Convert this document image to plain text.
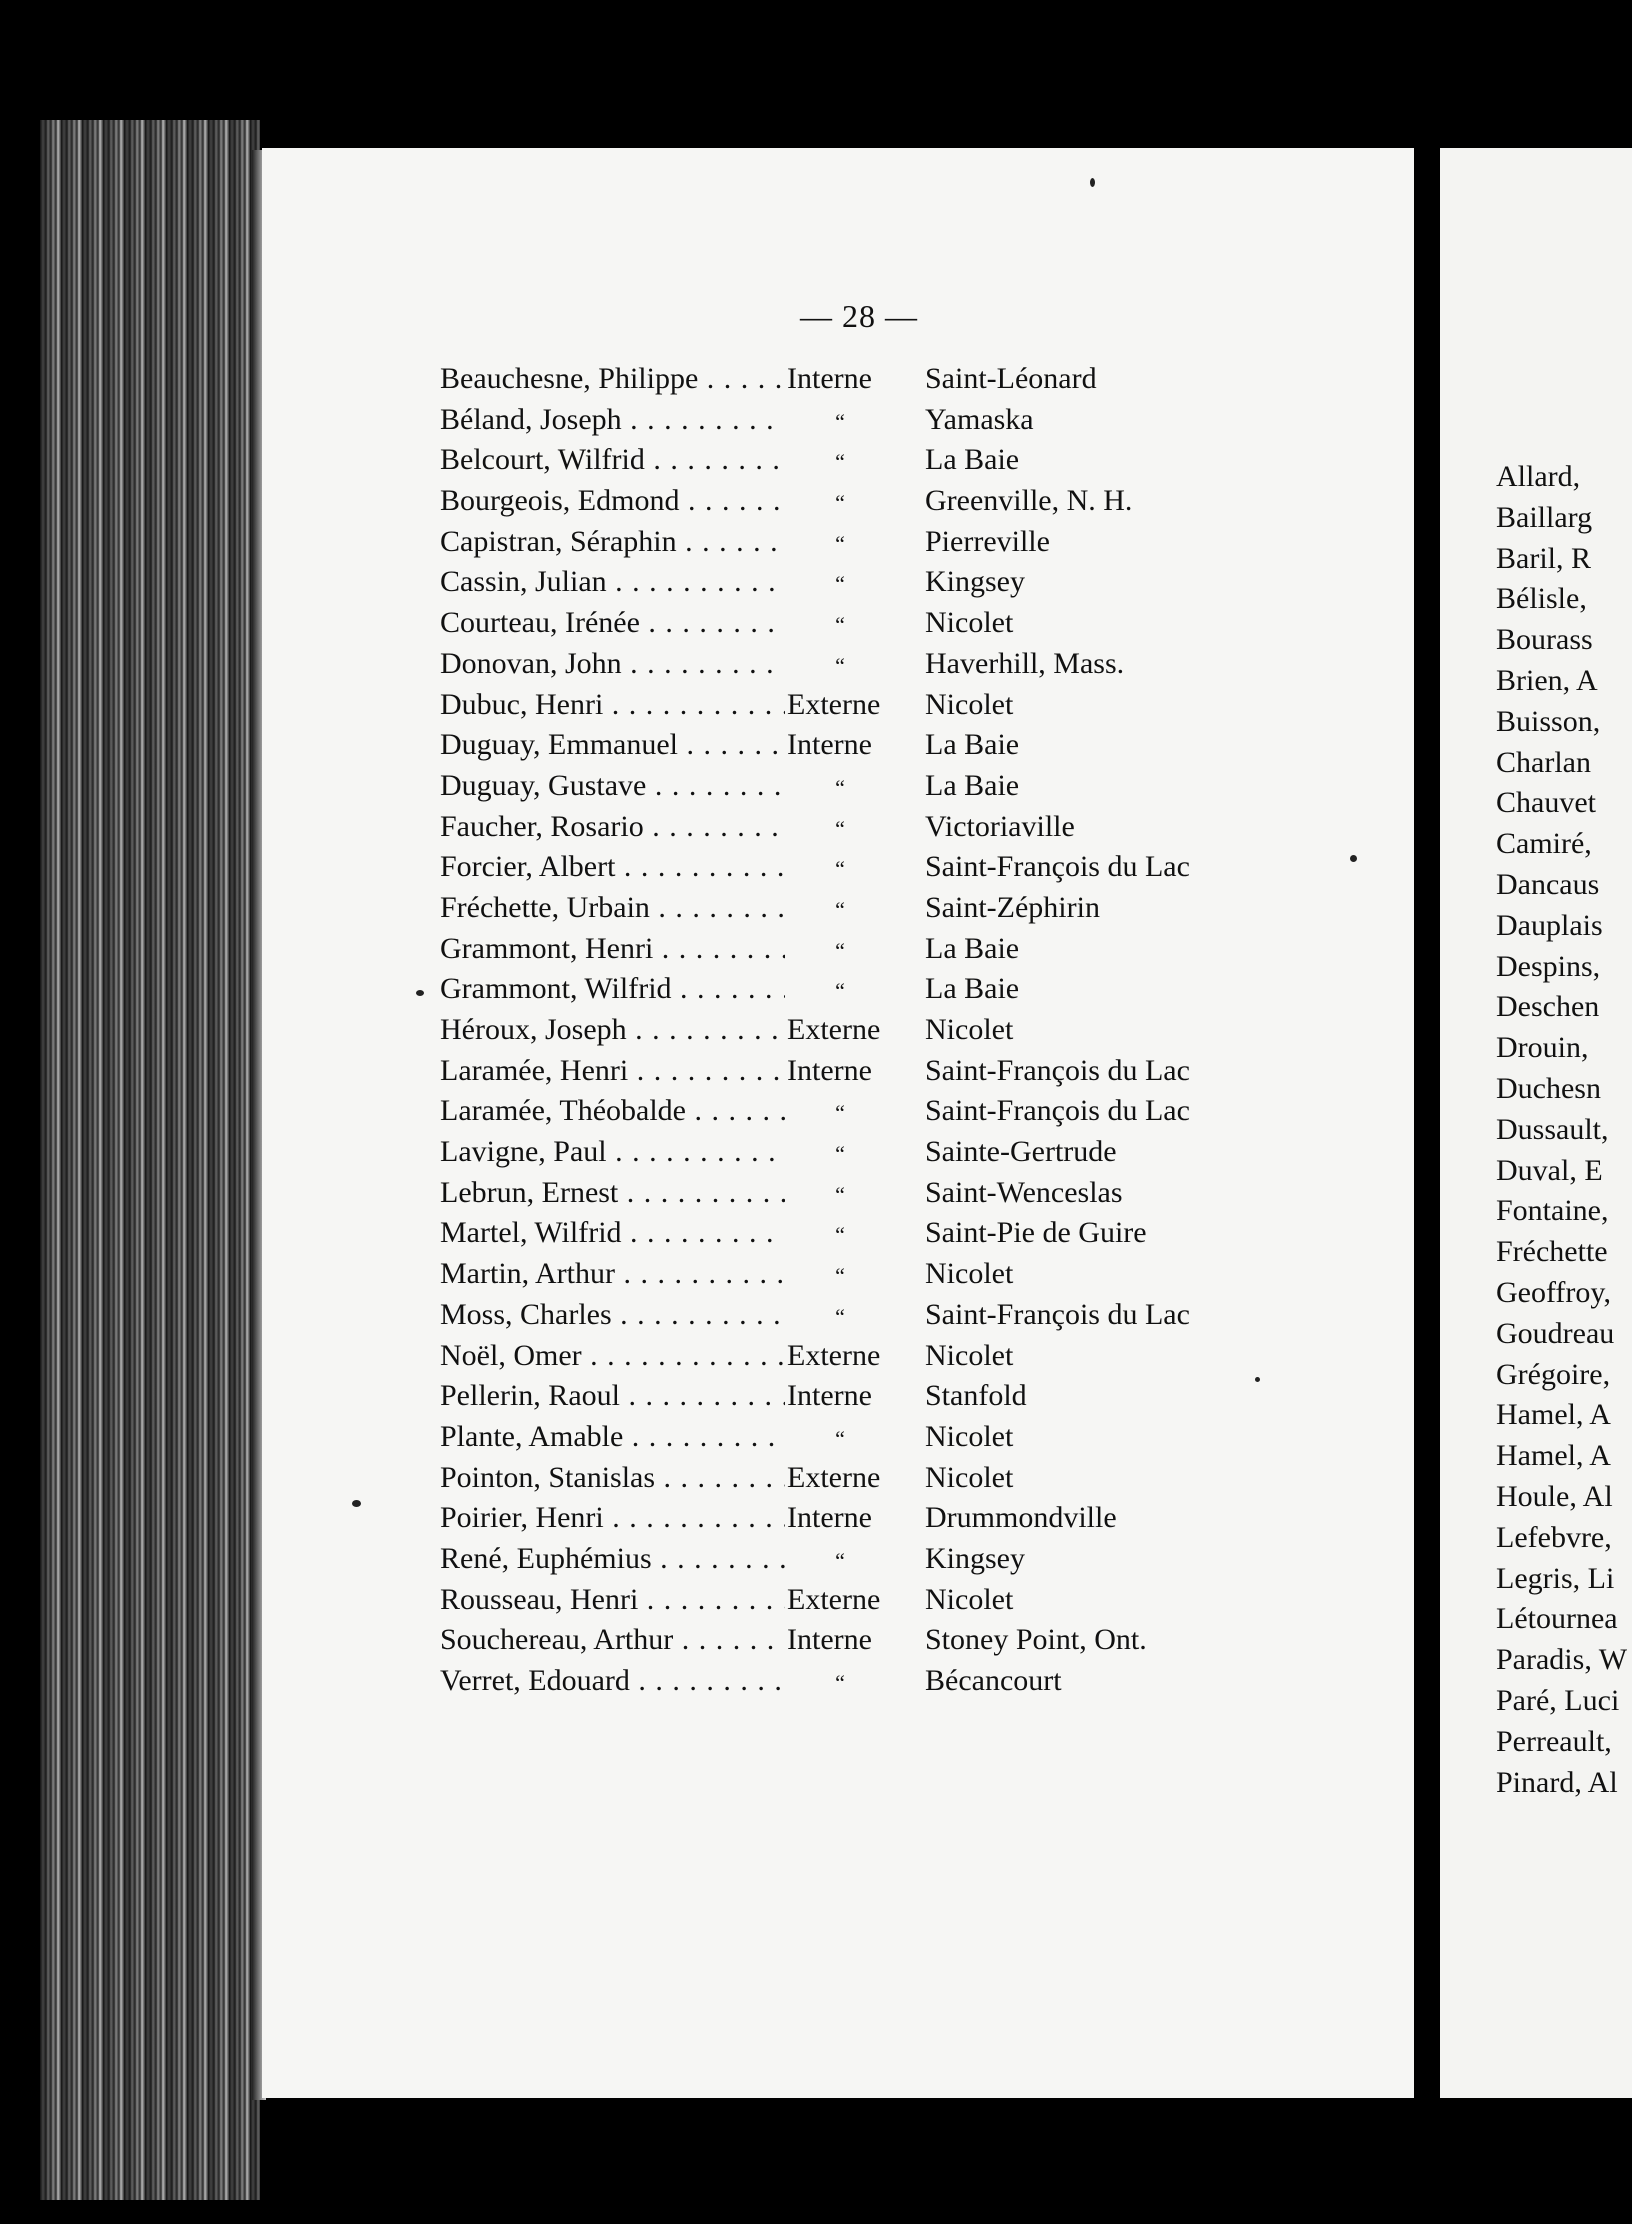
— 28 —
Beauchesne, Philippe . . .	Interne	Saint-Léonard
Béland, Joseph . . .	“	Yamaska
Belcourt, Wilfrid . . .	“	La Baie
Bourgeois, Edmond . . .	“	Greenville, N. H.
Capistran, Séraphin . . .	“	Pierreville
Cassin, Julian . . .	“	Kingsey
Courteau, Irénée . . .	“	Nicolet
Donovan, John . . .	“	Haverhill, Mass.
Dubuc, Henri . . .	Externe	Nicolet
Duguay, Emmanuel . . .	Interne	La Baie
Duguay, Gustave . . .	“	La Baie
Faucher, Rosario . . .	“	Victoriaville
Forcier, Albert . . .	“	Saint-François du Lac
Fréchette, Urbain . . .	“	Saint-Zéphirin
Grammont, Henri . . .	“	La Baie
Grammont, Wilfrid . . .	“	La Baie
Héroux, Joseph . . .	Externe	Nicolet
Laramée, Henri . . .	Interne	Saint-François du Lac
Laramée, Théobalde . . .	“	Saint-François du Lac
Lavigne, Paul . . .	“	Sainte-Gertrude
Lebrun, Ernest . . .	“	Saint-Wenceslas
Martel, Wilfrid . . .	“	Saint-Pie de Guire
Martin, Arthur . . .	“	Nicolet
Moss, Charles . . .	“	Saint-François du Lac
Noël, Omer . . .	Externe	Nicolet
Pellerin, Raoul . . .	Interne	Stanfold
Plante, Amable . . .	“	Nicolet
Pointon, Stanislas . . .	Externe	Nicolet
Poirier, Henri . . .	Interne	Drummondville
René, Euphémius . . .	“	Kingsey
Rousseau, Henri . . .	Externe	Nicolet
Souchereau, Arthur . . .	Interne	Stoney Point, Ont.
Verret, Edouard . . .	“	Bécancourt
Allard,
Baillarg
Baril, R
Bélisle,
Bourass
Brien, A
Buisson,
Charlan
Chauvet
Camiré,
Dancaus
Dauplais
Despins,
Deschen
Drouin,
Duchesn
Dussault,
Duval, E
Fontaine,
Fréchette
Geoffroy,
Goudreau
Grégoire,
Hamel, A
Hamel, A
Houle, Al
Lefebvre,
Legris, Li
Létournea
Paradis, W
Paré, Luci
Perreault,
Pinard, Al
